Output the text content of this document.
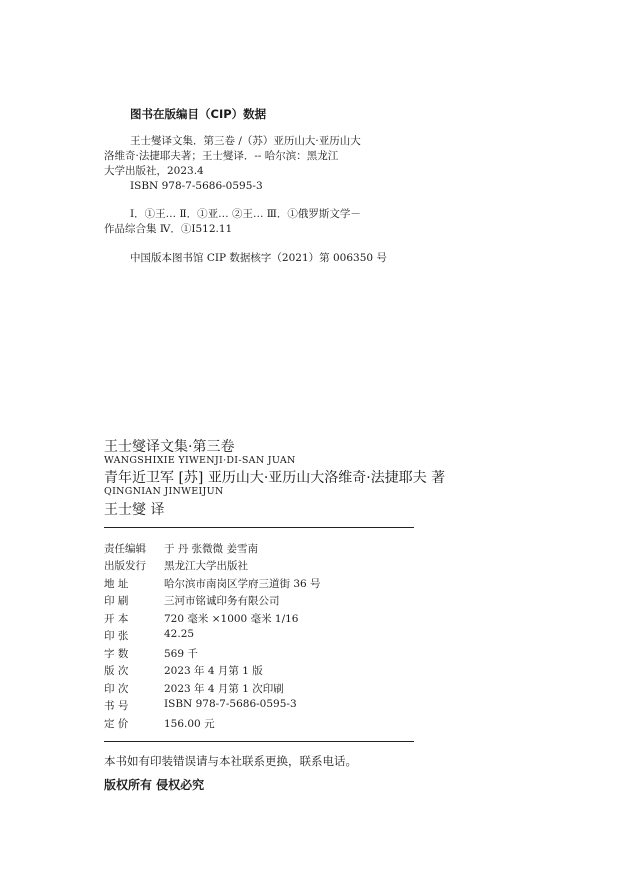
图书在版编目（CIP）数据
王士燮译文集．第三卷 /（苏）亚历山大·亚历山大
洛维奇·法捷耶夫著；王士燮译．-- 哈尔滨：黑龙江
大学出版社，2023.4
ISBN 978-7-5686-0595-3
Ⅰ．①王… Ⅱ．①亚… ②王… Ⅲ．①俄罗斯文学－
作品综合集 Ⅳ．①I512.11
中国版本图书馆 CIP 数据核字（2021）第 006350 号
王士燮译文集·第三卷
WANGSHIXIE YIWENJI·DI-SAN JUAN
青年近卫军 [苏] 亚历山大·亚历山大洛维奇·法捷耶夫 著
QINGNIAN JINWEIJUN
王士燮 译
责任编辑	于 丹 张微微 姜雪南
出版发行	黑龙江大学出版社
地 址	哈尔滨市南岗区学府三道街 36 号
印 刷	三河市铭诚印务有限公司
开 本	720 毫米 ×1000 毫米 1/16
印 张	42.25
字 数	569 千
版 次	2023 年 4 月第 1 版
印 次	2023 年 4 月第 1 次印刷
书 号	ISBN 978-7-5686-0595-3
定 价	156.00 元
本书如有印装错误请与本社联系更换，联系电话。
版权所有 侵权必究
